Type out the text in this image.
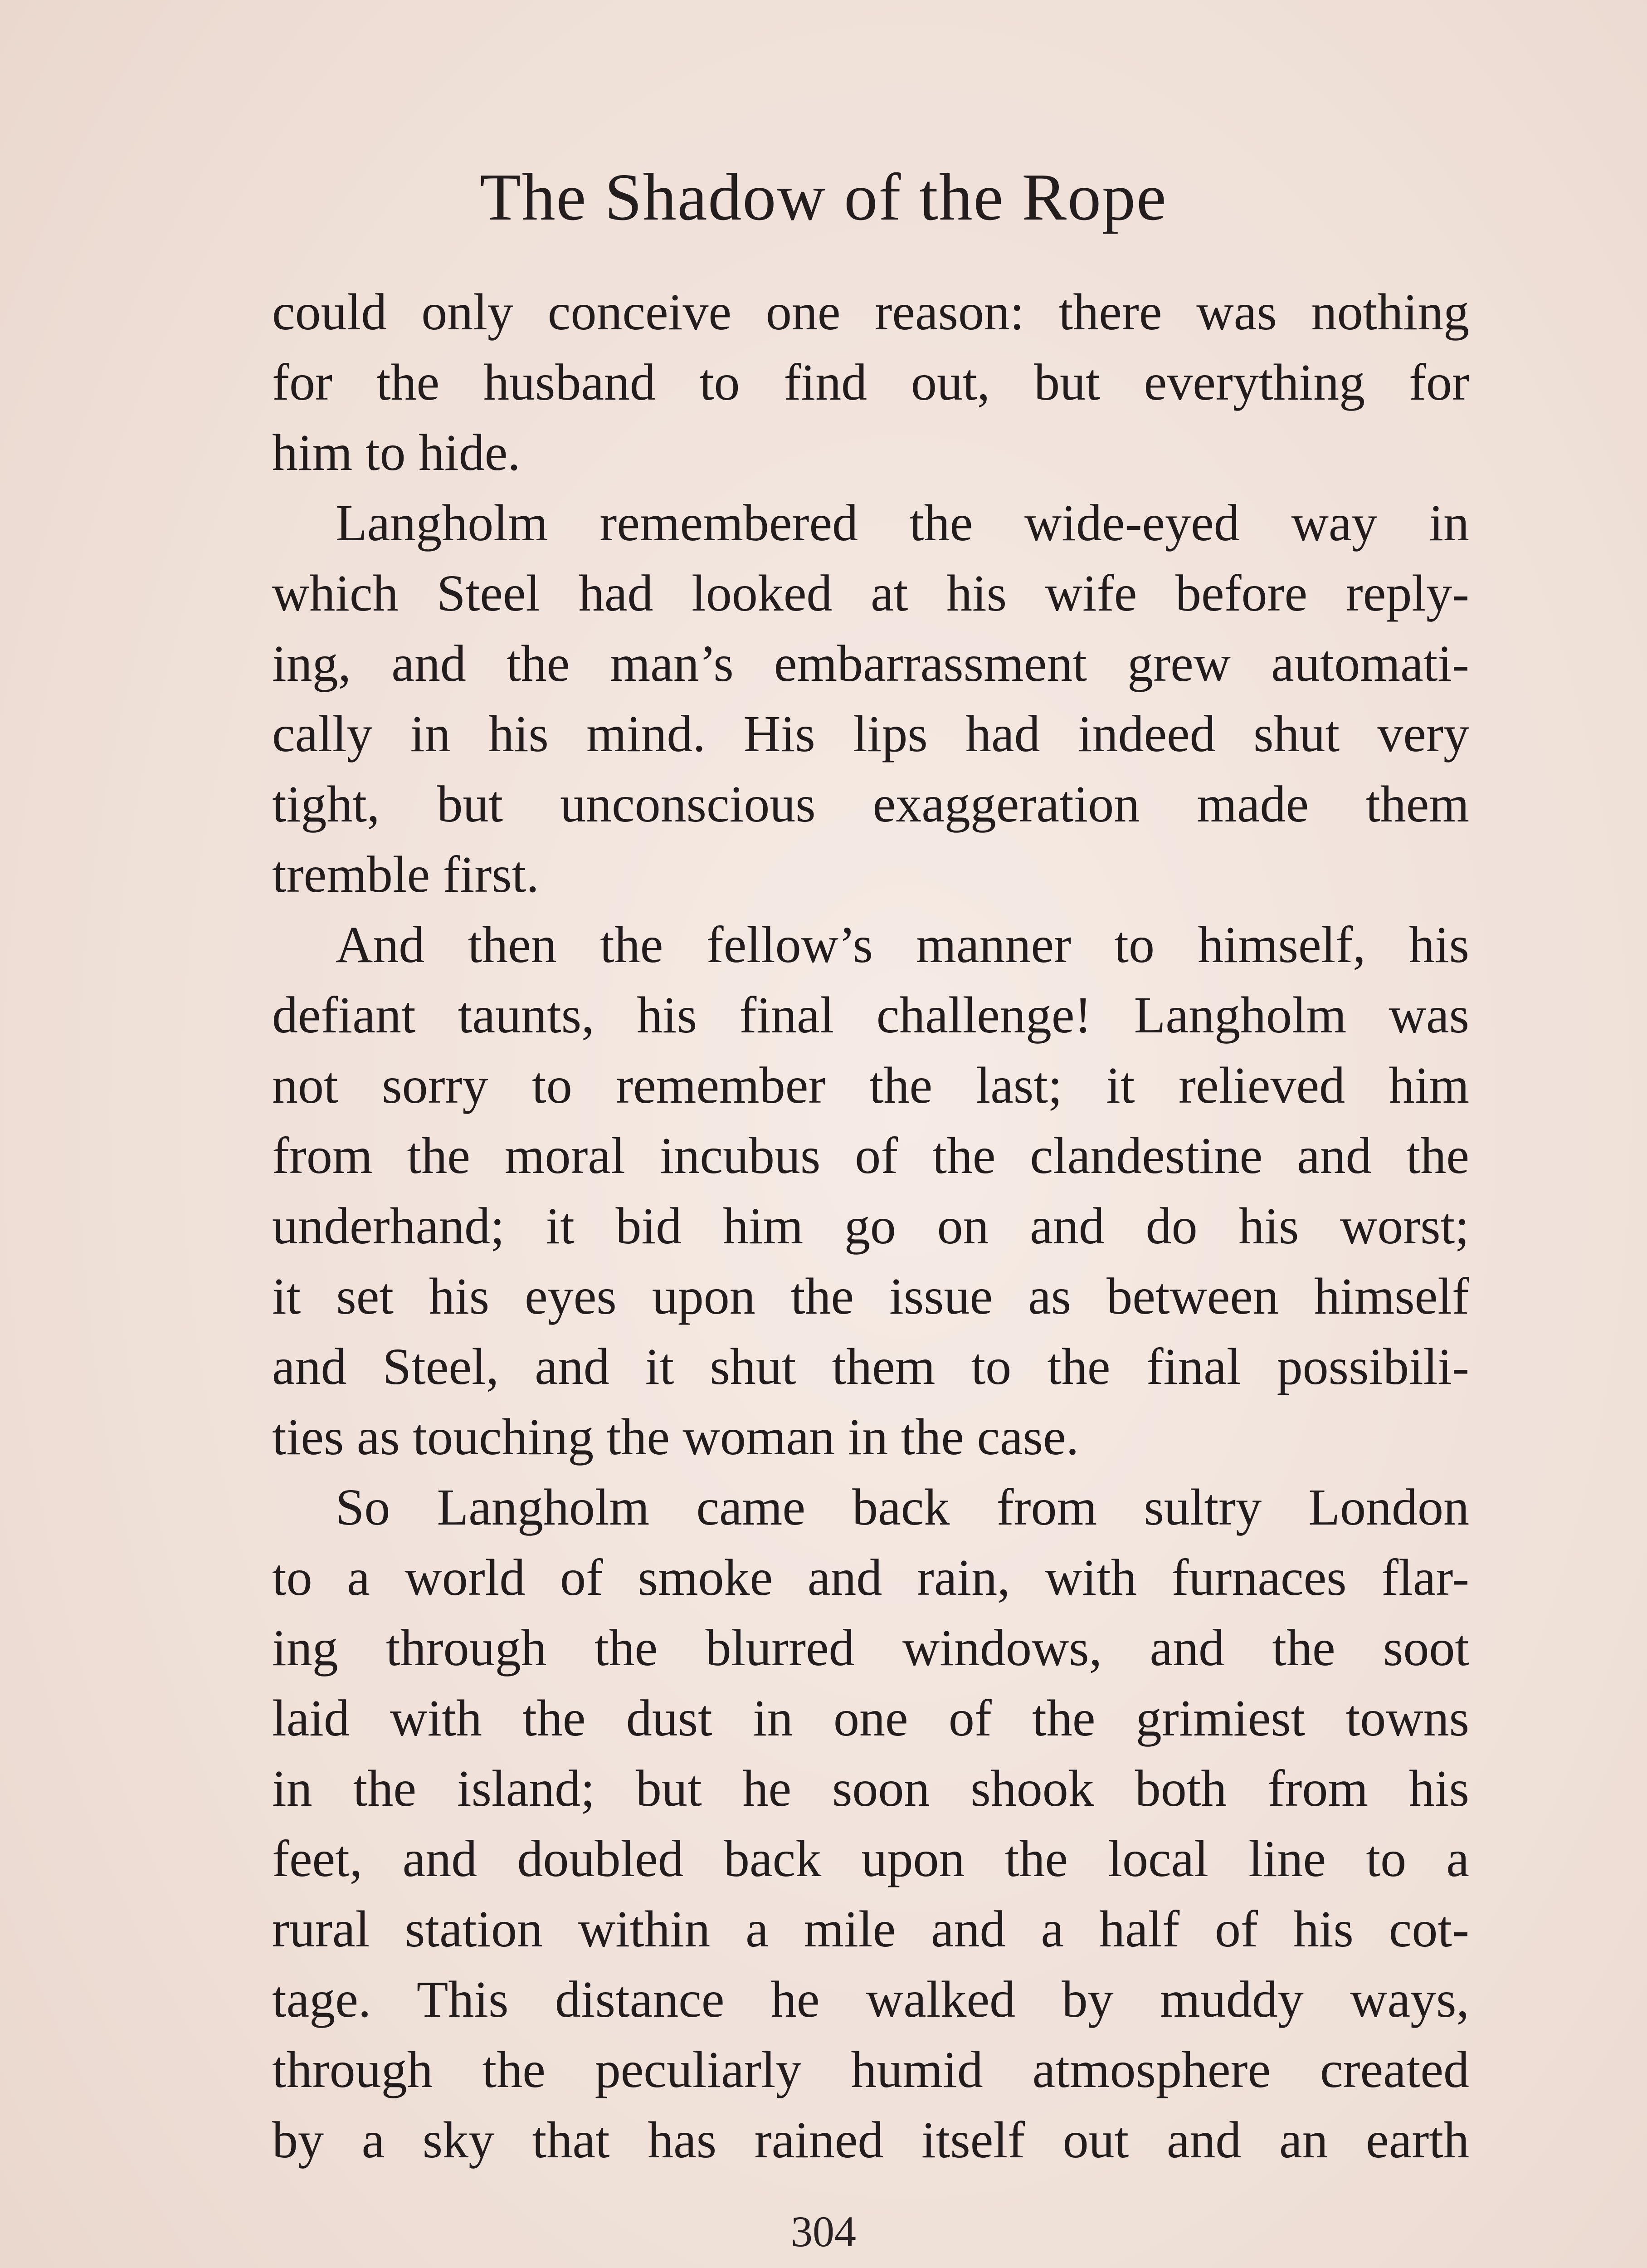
The Shadow of the Rope
could only conceive one reason: there was nothing
for the husband to find out, but everything for
him to hide.
Langholm remembered the wide-eyed way in
which Steel had looked at his wife before reply-
ing, and the man’s embarrassment grew automati-
cally in his mind. His lips had indeed shut very
tight, but unconscious exaggeration made them
tremble first.
And then the fellow’s manner to himself, his
defiant taunts, his final challenge! Langholm was
not sorry to remember the last; it relieved him
from the moral incubus of the clandestine and the
underhand; it bid him go on and do his worst;
it set his eyes upon the issue as between himself
and Steel, and it shut them to the final possibili-
ties as touching the woman in the case.
So Langholm came back from sultry London
to a world of smoke and rain, with furnaces flar-
ing through the blurred windows, and the soot
laid with the dust in one of the grimiest towns
in the island; but he soon shook both from his
feet, and doubled back upon the local line to a
rural station within a mile and a half of his cot-
tage. This distance he walked by muddy ways,
through the peculiarly humid atmosphere created
by a sky that has rained itself out and an earth
304
